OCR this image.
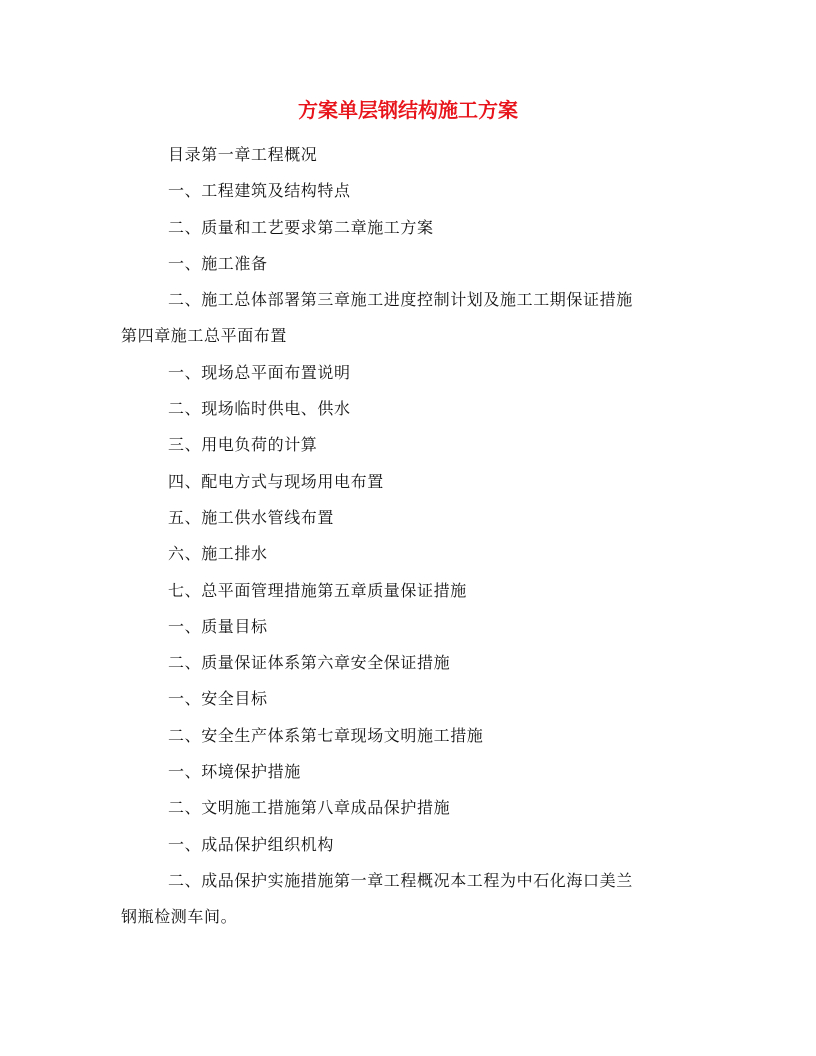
方案单层钢结构施工方案
目录第一章工程概况
一、工程建筑及结构特点
二、质量和工艺要求第二章施工方案
一、施工准备
二、施工总体部署第三章施工进度控制计划及施工工期保证措施
第四章施工总平面布置
一、现场总平面布置说明
二、现场临时供电、供水
三、用电负荷的计算
四、配电方式与现场用电布置
五、施工供水管线布置
六、施工排水
七、总平面管理措施第五章质量保证措施
一、质量目标
二、质量保证体系第六章安全保证措施
一、安全目标
二、安全生产体系第七章现场文明施工措施
一、环境保护措施
二、文明施工措施第八章成品保护措施
一、成品保护组织机构
二、成品保护实施措施第一章工程概况本工程为中石化海口美兰
钢瓶检测车间。
